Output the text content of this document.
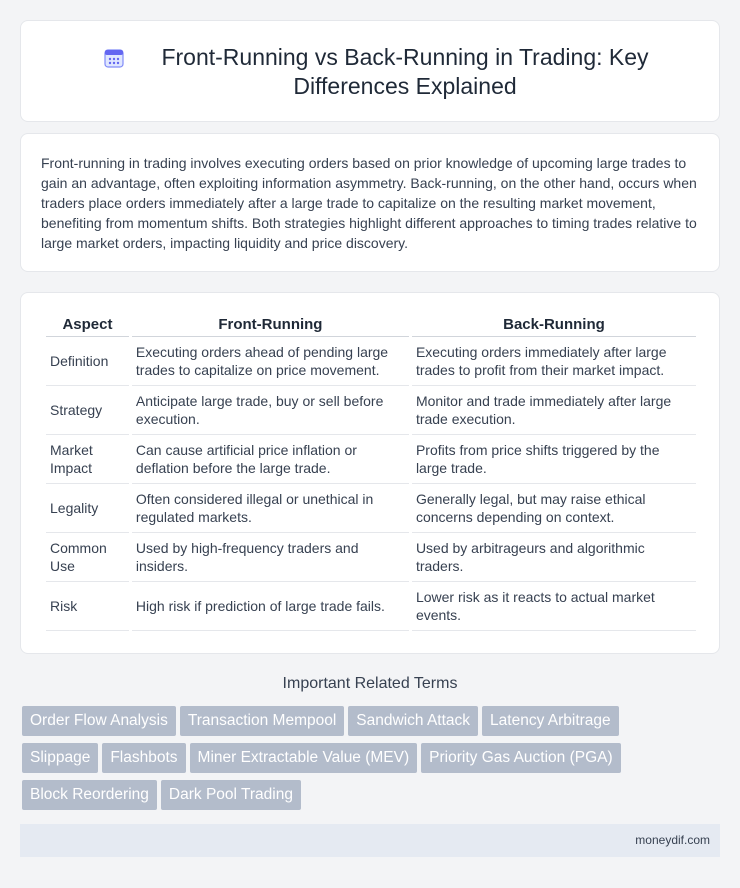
Front-Running vs Back-Running in Trading: Key Differences Explained

Front-running in trading involves executing orders based on prior knowledge of upcoming large trades to gain an advantage, often exploiting information asymmetry. Back-running, on the other hand, occurs when traders place orders immediately after a large trade to capitalize on the resulting market movement, benefiting from momentum shifts. Both strategies highlight different approaches to timing trades relative to large market orders, impacting liquidity and price discovery.

Aspect	Front-Running	Back-Running
Definition	Executing orders ahead of pending large trades to capitalize on price movement.	Executing orders immediately after large trades to profit from their market impact.
Strategy	Anticipate large trade, buy or sell before execution.	Monitor and trade immediately after large trade execution.
Market Impact	Can cause artificial price inflation or deflation before the large trade.	Profits from price shifts triggered by the large trade.
Legality	Often considered illegal or unethical in regulated markets.	Generally legal, but may raise ethical concerns depending on context.
Common Use	Used by high-frequency traders and insiders.	Used by arbitrageurs and algorithmic traders.
Risk	High risk if prediction of large trade fails.	Lower risk as it reacts to actual market events.
Important Related Terms
Order Flow Analysis Transaction Mempool Sandwich Attack Latency Arbitrage
Slippage Flashbots Miner Extractable Value (MEV) Priority Gas Auction (PGA)
Block Reordering Dark Pool Trading
moneydif.com
